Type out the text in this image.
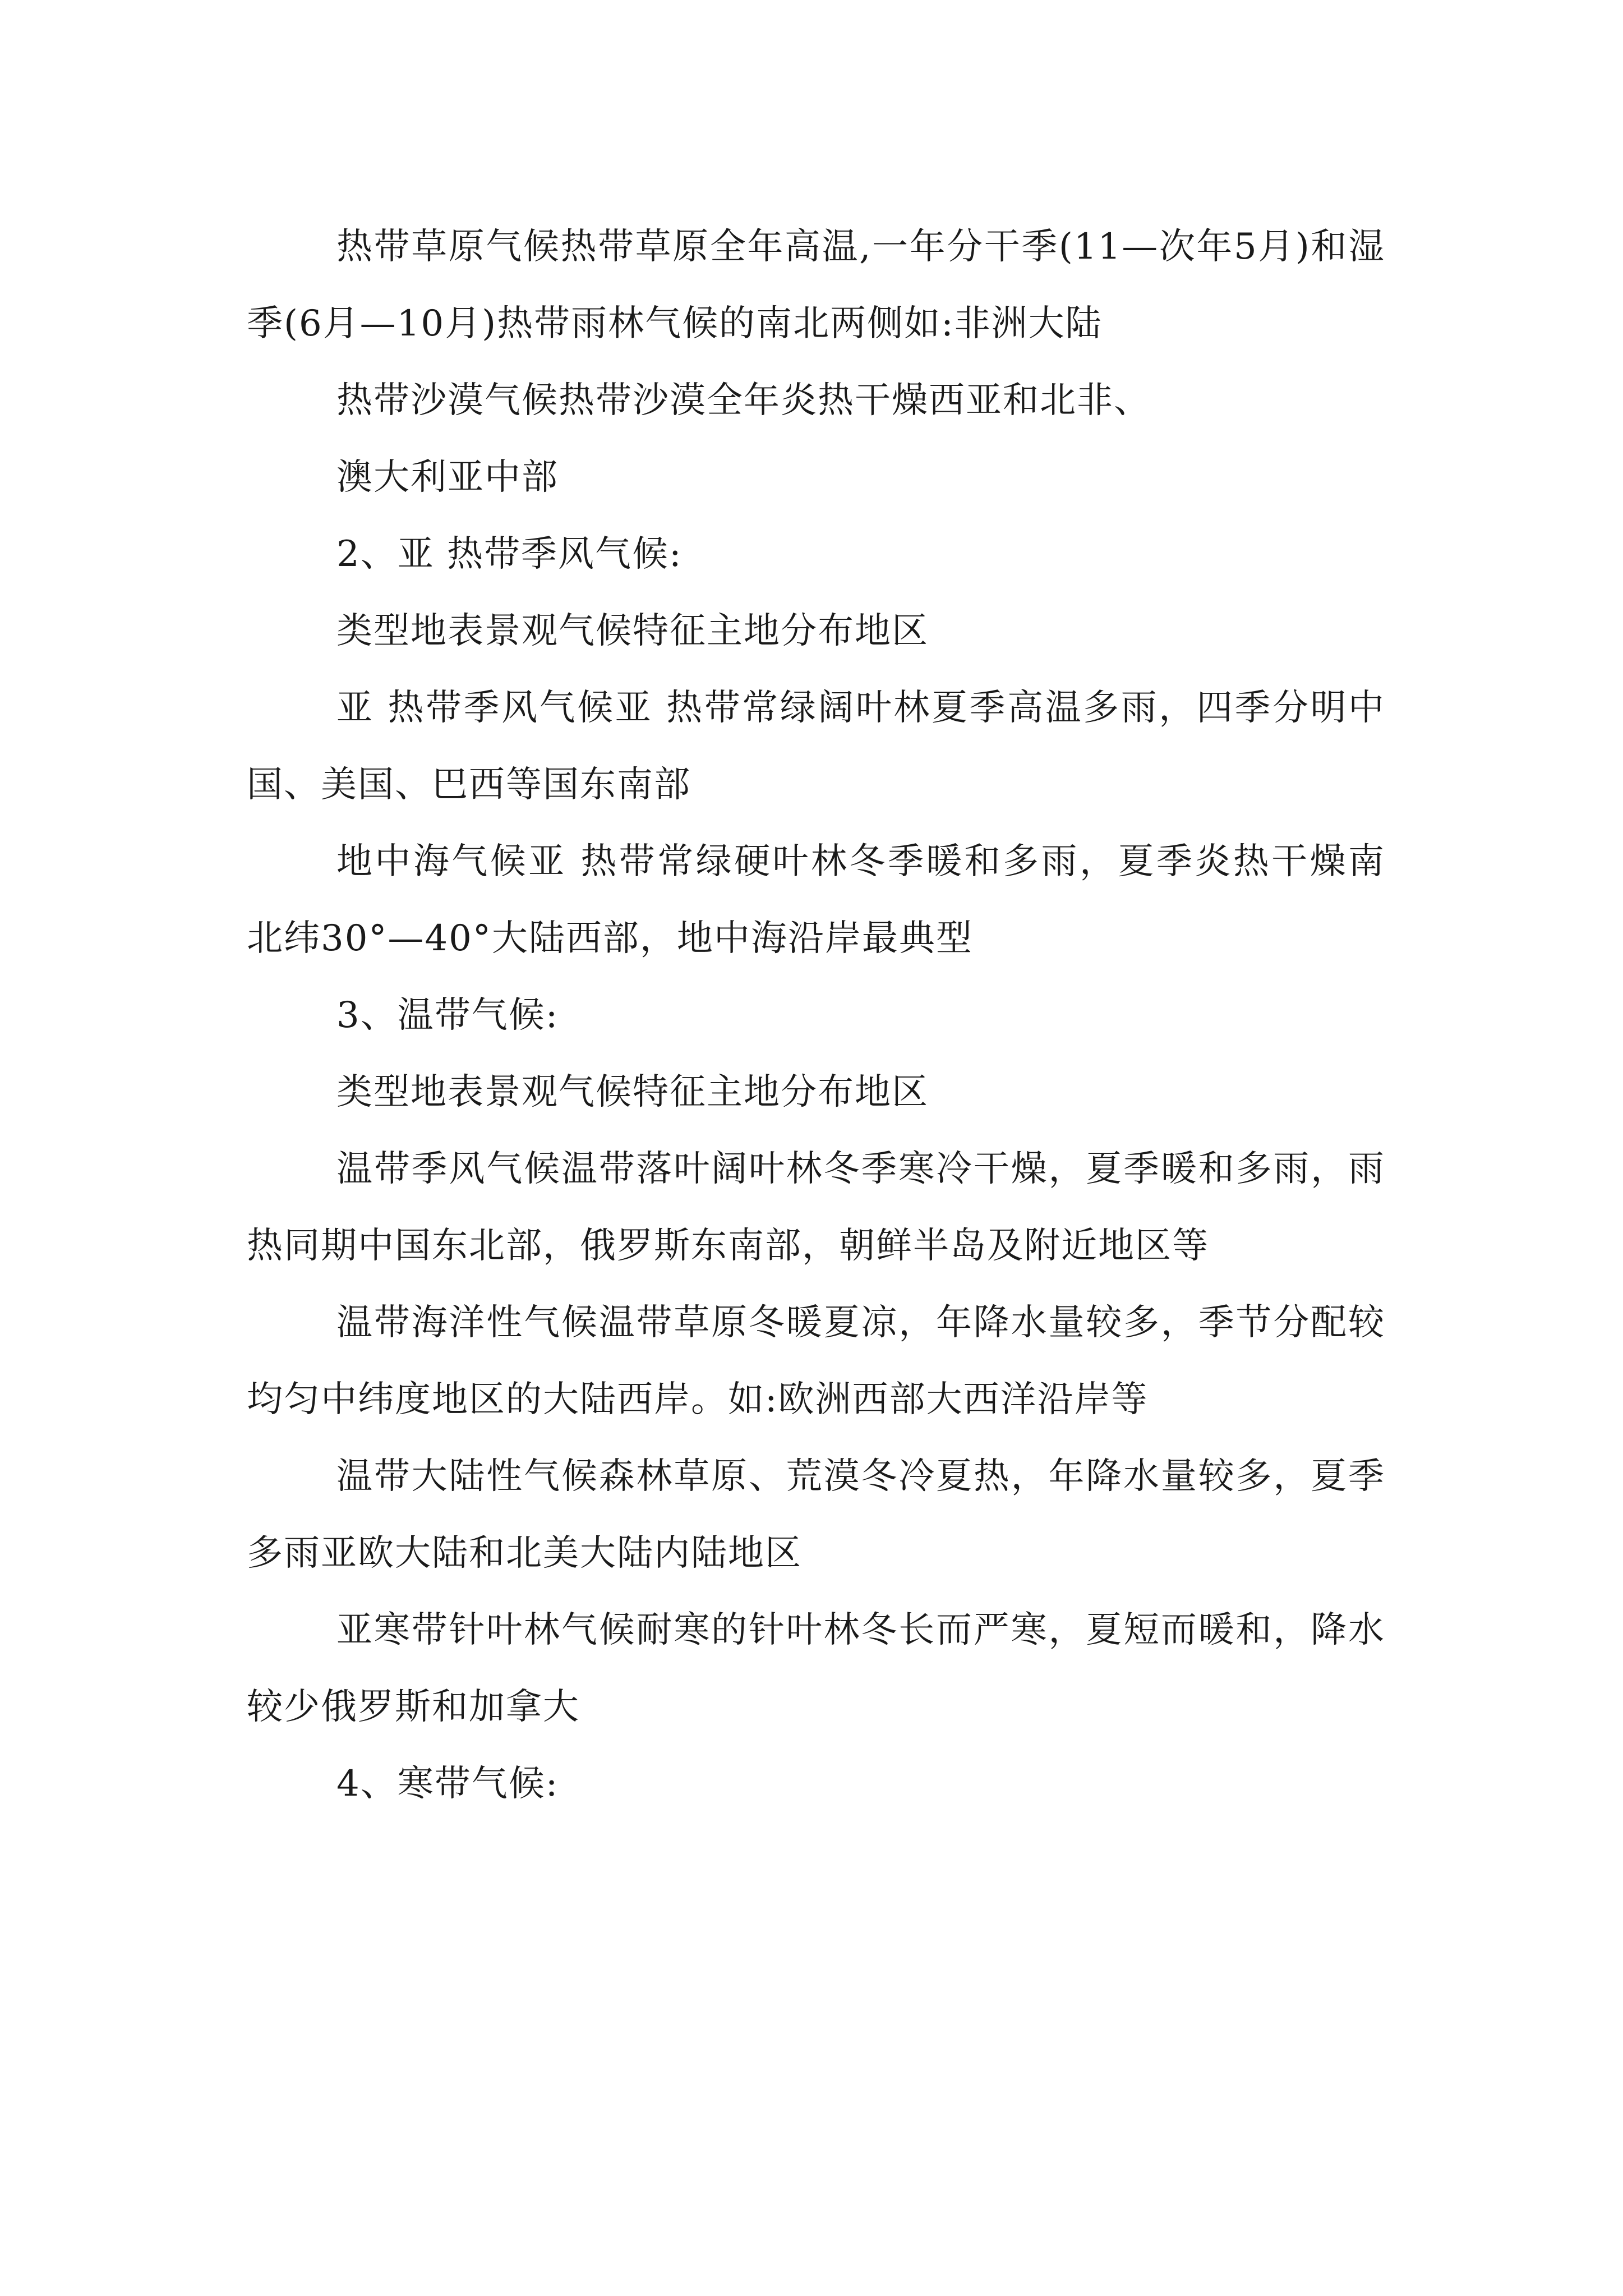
热带草原气候热带草原全年高温,一年分干季(11—次年5月)和湿季(6月—10月)热带雨林气候的南北两侧如:非洲大陆

热带沙漠气候热带沙漠全年炎热干燥西亚和北非、

澳大利亚中部

2、亚 热带季风气候:

类型地表景观气候特征主地分布地区

亚 热带季风气候亚 热带常绿阔叶林夏季高温多雨，四季分明中国、美国、巴西等国东南部

地中海气候亚 热带常绿硬叶林冬季暖和多雨，夏季炎热干燥南北纬30°—40°大陆西部，地中海沿岸最典型

3、温带气候:

类型地表景观气候特征主地分布地区

温带季风气候温带落叶阔叶林冬季寒冷干燥，夏季暖和多雨，雨热同期中国东北部，俄罗斯东南部，朝鲜半岛及附近地区等

温带海洋性气候温带草原冬暖夏凉，年降水量较多，季节分配较均匀中纬度地区的大陆西岸。如:欧洲西部大西洋沿岸等

温带大陆性气候森林草原、荒漠冬冷夏热，年降水量较多，夏季多雨亚欧大陆和北美大陆内陆地区

亚寒带针叶林气候耐寒的针叶林冬长而严寒，夏短而暖和，降水较少俄罗斯和加拿大

4、寒带气候:
